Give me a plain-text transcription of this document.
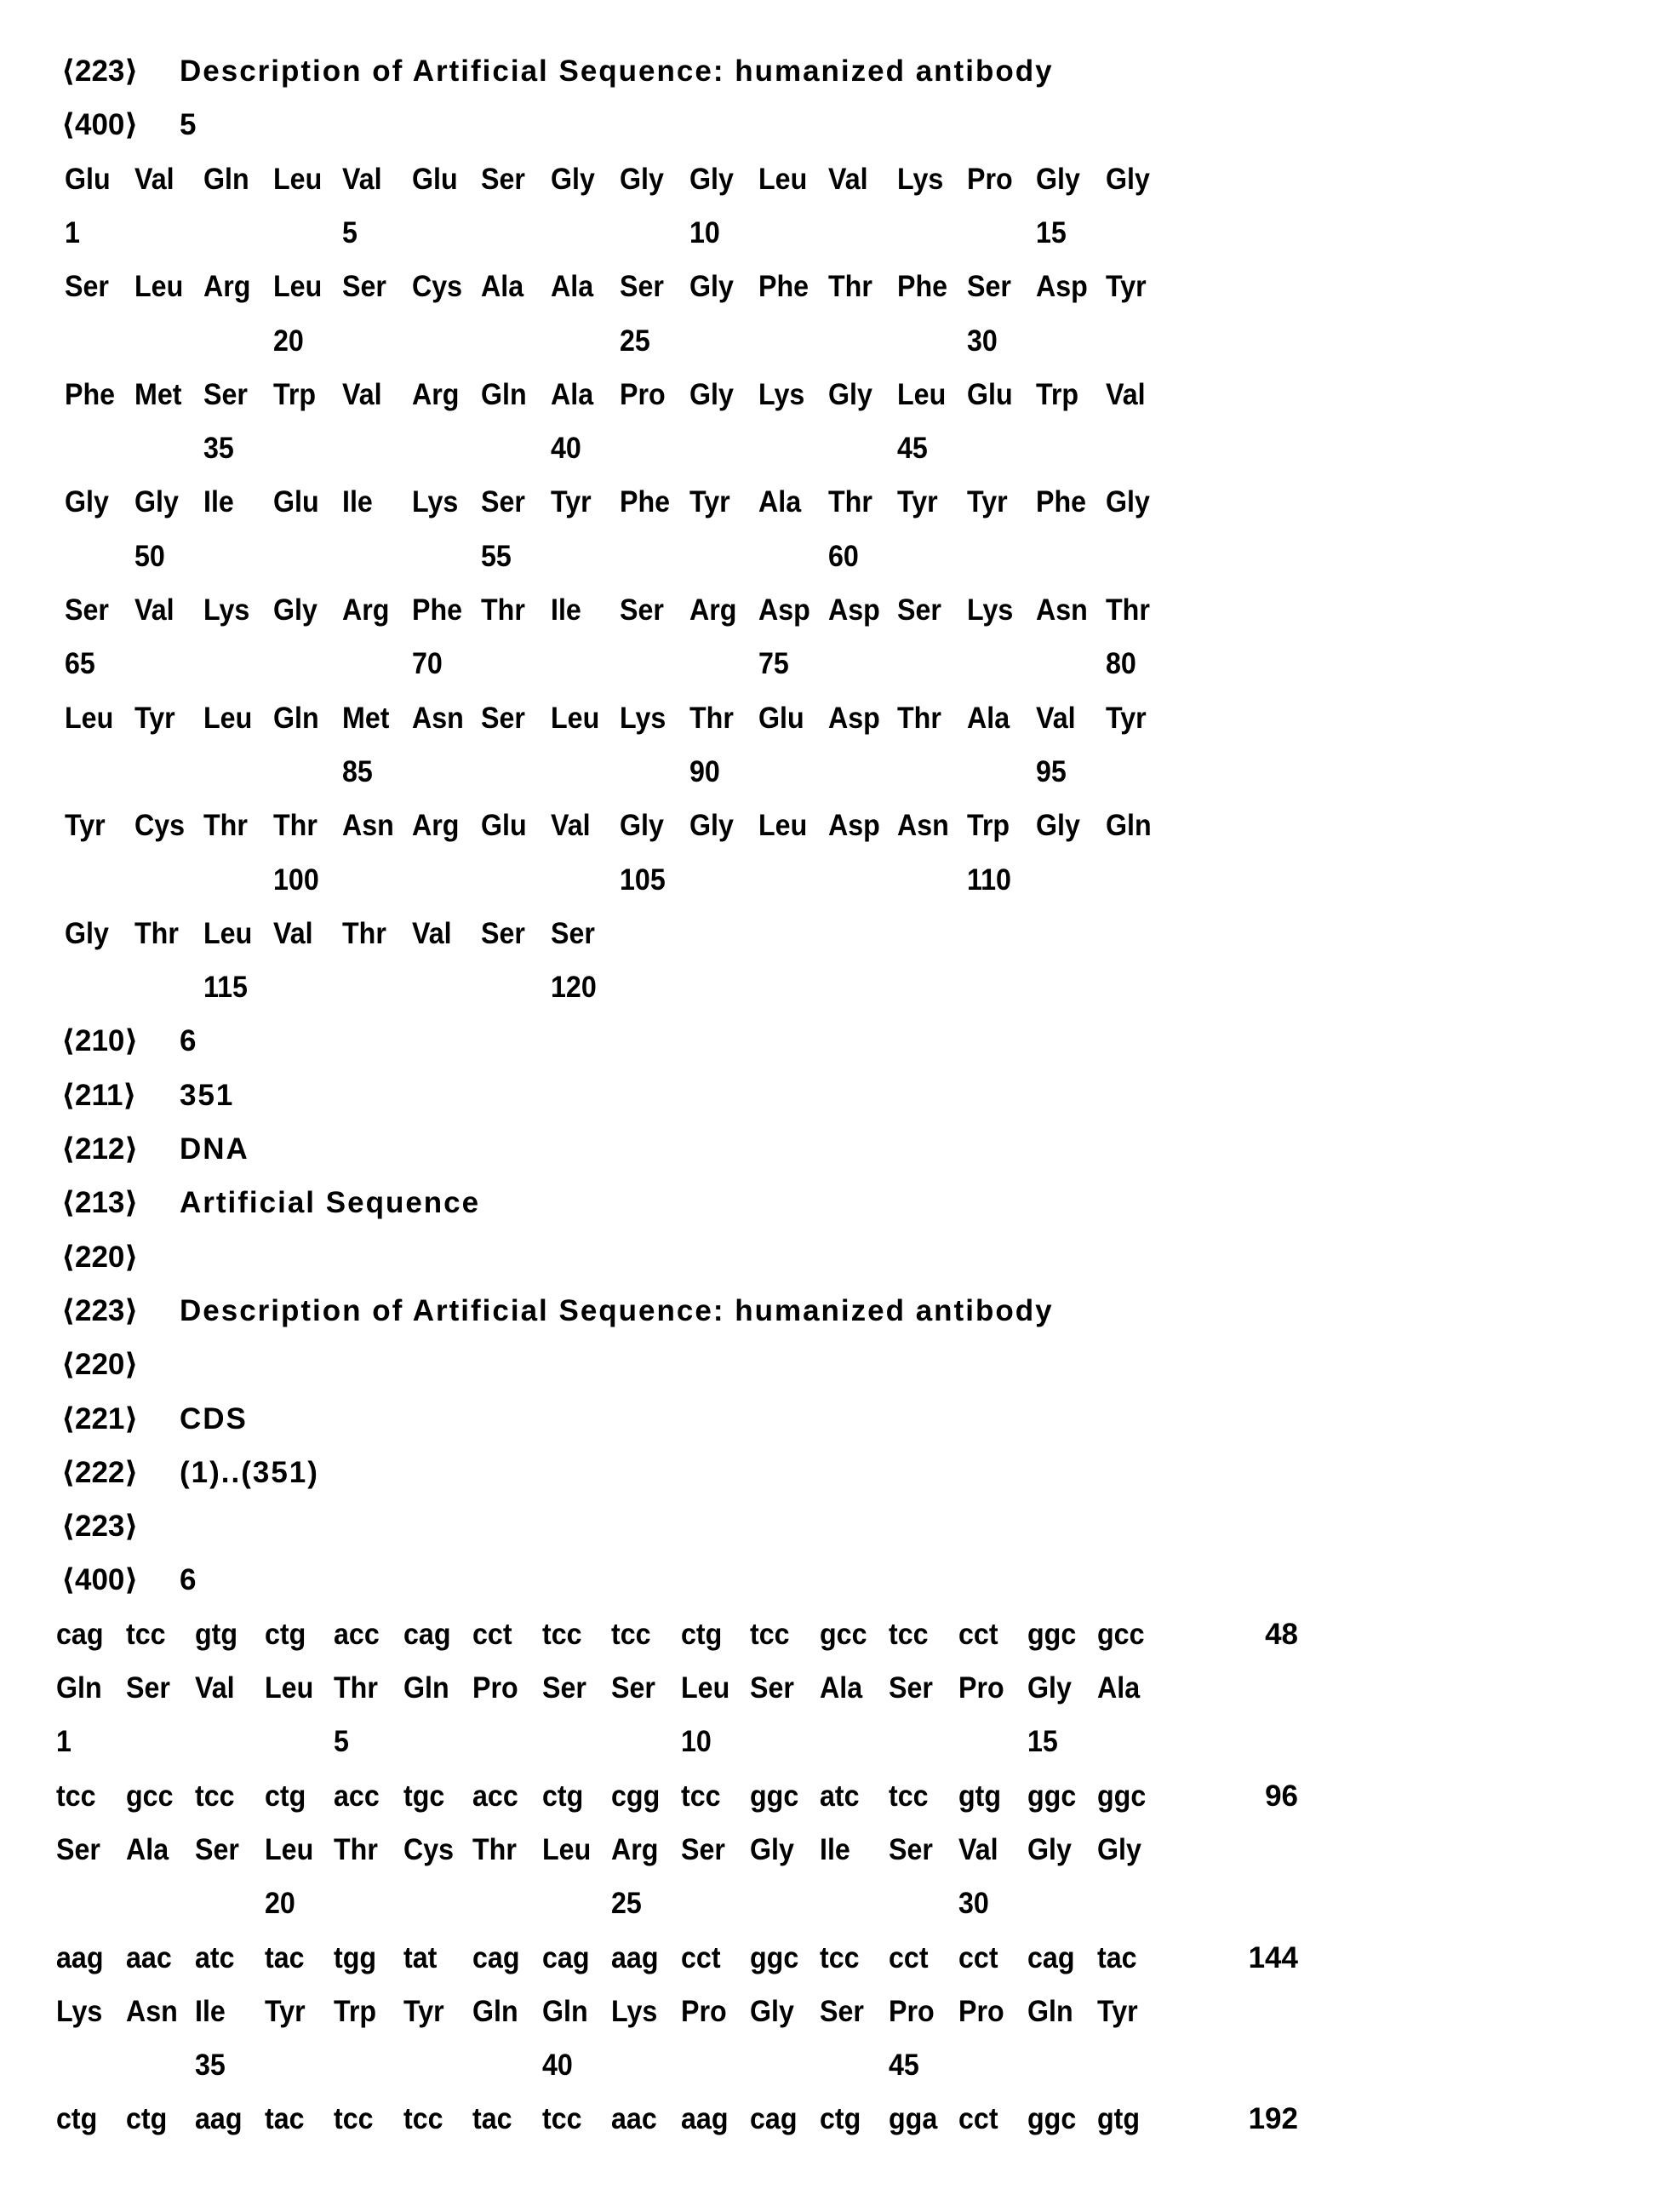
⟨223⟩ Description of Artificial Sequence: humanized antibody
⟨400⟩ 5
Glu Val Gln Leu Val Glu Ser Gly Gly Gly Leu Val Lys Pro Gly Gly
1	5	10	15
Ser Leu Arg Leu Ser Cys Ala Ala Ser Gly Phe Thr Phe Ser Asp Tyr
20	25	30
Phe Met Ser Trp Val Arg Gln Ala Pro Gly Lys Gly Leu Glu Trp Val
35	40	45
Gly Gly Ile Glu Ile Lys Ser Tyr Phe Tyr Ala Thr Tyr Tyr Phe Gly
50	55	60
Ser Val Lys Gly Arg Phe Thr Ile Ser Arg Asp Asp Ser Lys Asn Thr
65	70	75	80
Leu Tyr Leu Gln Met Asn Ser Leu Lys Thr Glu Asp Thr Ala Val Tyr
85	90	95
Tyr Cys Thr Thr Asn Arg Glu Val Gly Gly Leu Asp Asn Trp Gly Gln
100	105	110
Gly Thr Leu Val Thr Val Ser Ser
115	120
⟨210⟩ 6
⟨211⟩ 351
⟨212⟩ DNA
⟨213⟩ Artificial Sequence
⟨220⟩
⟨223⟩ Description of Artificial Sequence: humanized antibody
⟨220⟩
⟨221⟩ CDS
⟨222⟩ (1)..(351)
⟨223⟩
⟨400⟩ 6
cag tcc gtg ctg acc cag cct tcc tcc ctg tcc gcc tcc cct ggc gcc	48
Gln Ser Val Leu Thr Gln Pro Ser Ser Leu Ser Ala Ser Pro Gly Ala
1	5	10	15
tcc gcc tcc ctg acc tgc acc ctg cgg tcc ggc atc tcc gtg ggc ggc	96
Ser Ala Ser Leu Thr Cys Thr Leu Arg Ser Gly Ile Ser Val Gly Gly
20	25	30
aag aac atc tac tgg tat cag cag aag cct ggc tcc cct cct cag tac	144
Lys Asn Ile Tyr Trp Tyr Gln Gln Lys Pro Gly Ser Pro Pro Gln Tyr
35	40	45
ctg ctg aag tac tcc tcc tac tcc aac aag cag ctg gga cct ggc gtg	192
